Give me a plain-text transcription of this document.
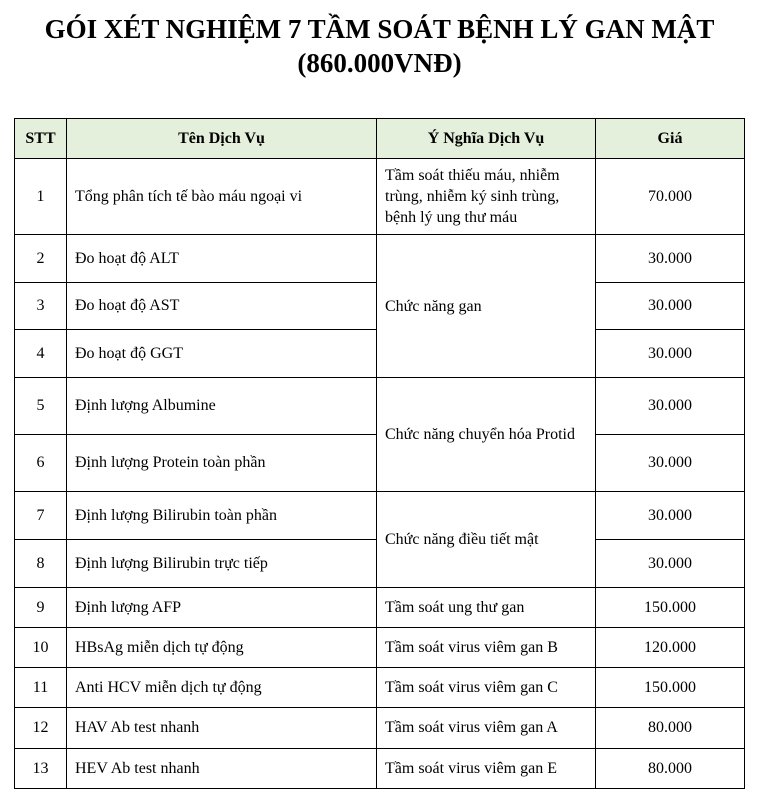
GÓI XÉT NGHIỆM 7 TẦM SOÁT BỆNH LÝ GAN MẬT
(860.000VNĐ)
STT	Tên Dịch Vụ	Ý Nghĩa Dịch Vụ	Giá
1	Tổng phân tích tế bào máu ngoại vi	Tầm soát thiếu máu, nhiễm trùng, nhiễm ký sinh trùng, bệnh lý ung thư máu	70.000
2	Đo hoạt độ ALT	Chức năng gan	30.000
3	Đo hoạt độ AST		30.000
4	Đo hoạt độ GGT		30.000
5	Định lượng Albumine	Chức năng chuyển hóa Protid	30.000
6	Định lượng Protein toàn phần		30.000
7	Định lượng Bilirubin toàn phần	Chức năng điều tiết mật	30.000
8	Định lượng Bilirubin trực tiếp		30.000
9	Định lượng AFP	Tầm soát ung thư gan	150.000
10	HBsAg miễn dịch tự động	Tầm soát virus viêm gan B	120.000
11	Anti HCV miễn dịch tự động	Tầm soát virus viêm gan C	150.000
12	HAV Ab test nhanh	Tầm soát virus viêm gan A	80.000
13	HEV Ab test nhanh	Tầm soát virus viêm gan E	80.000
